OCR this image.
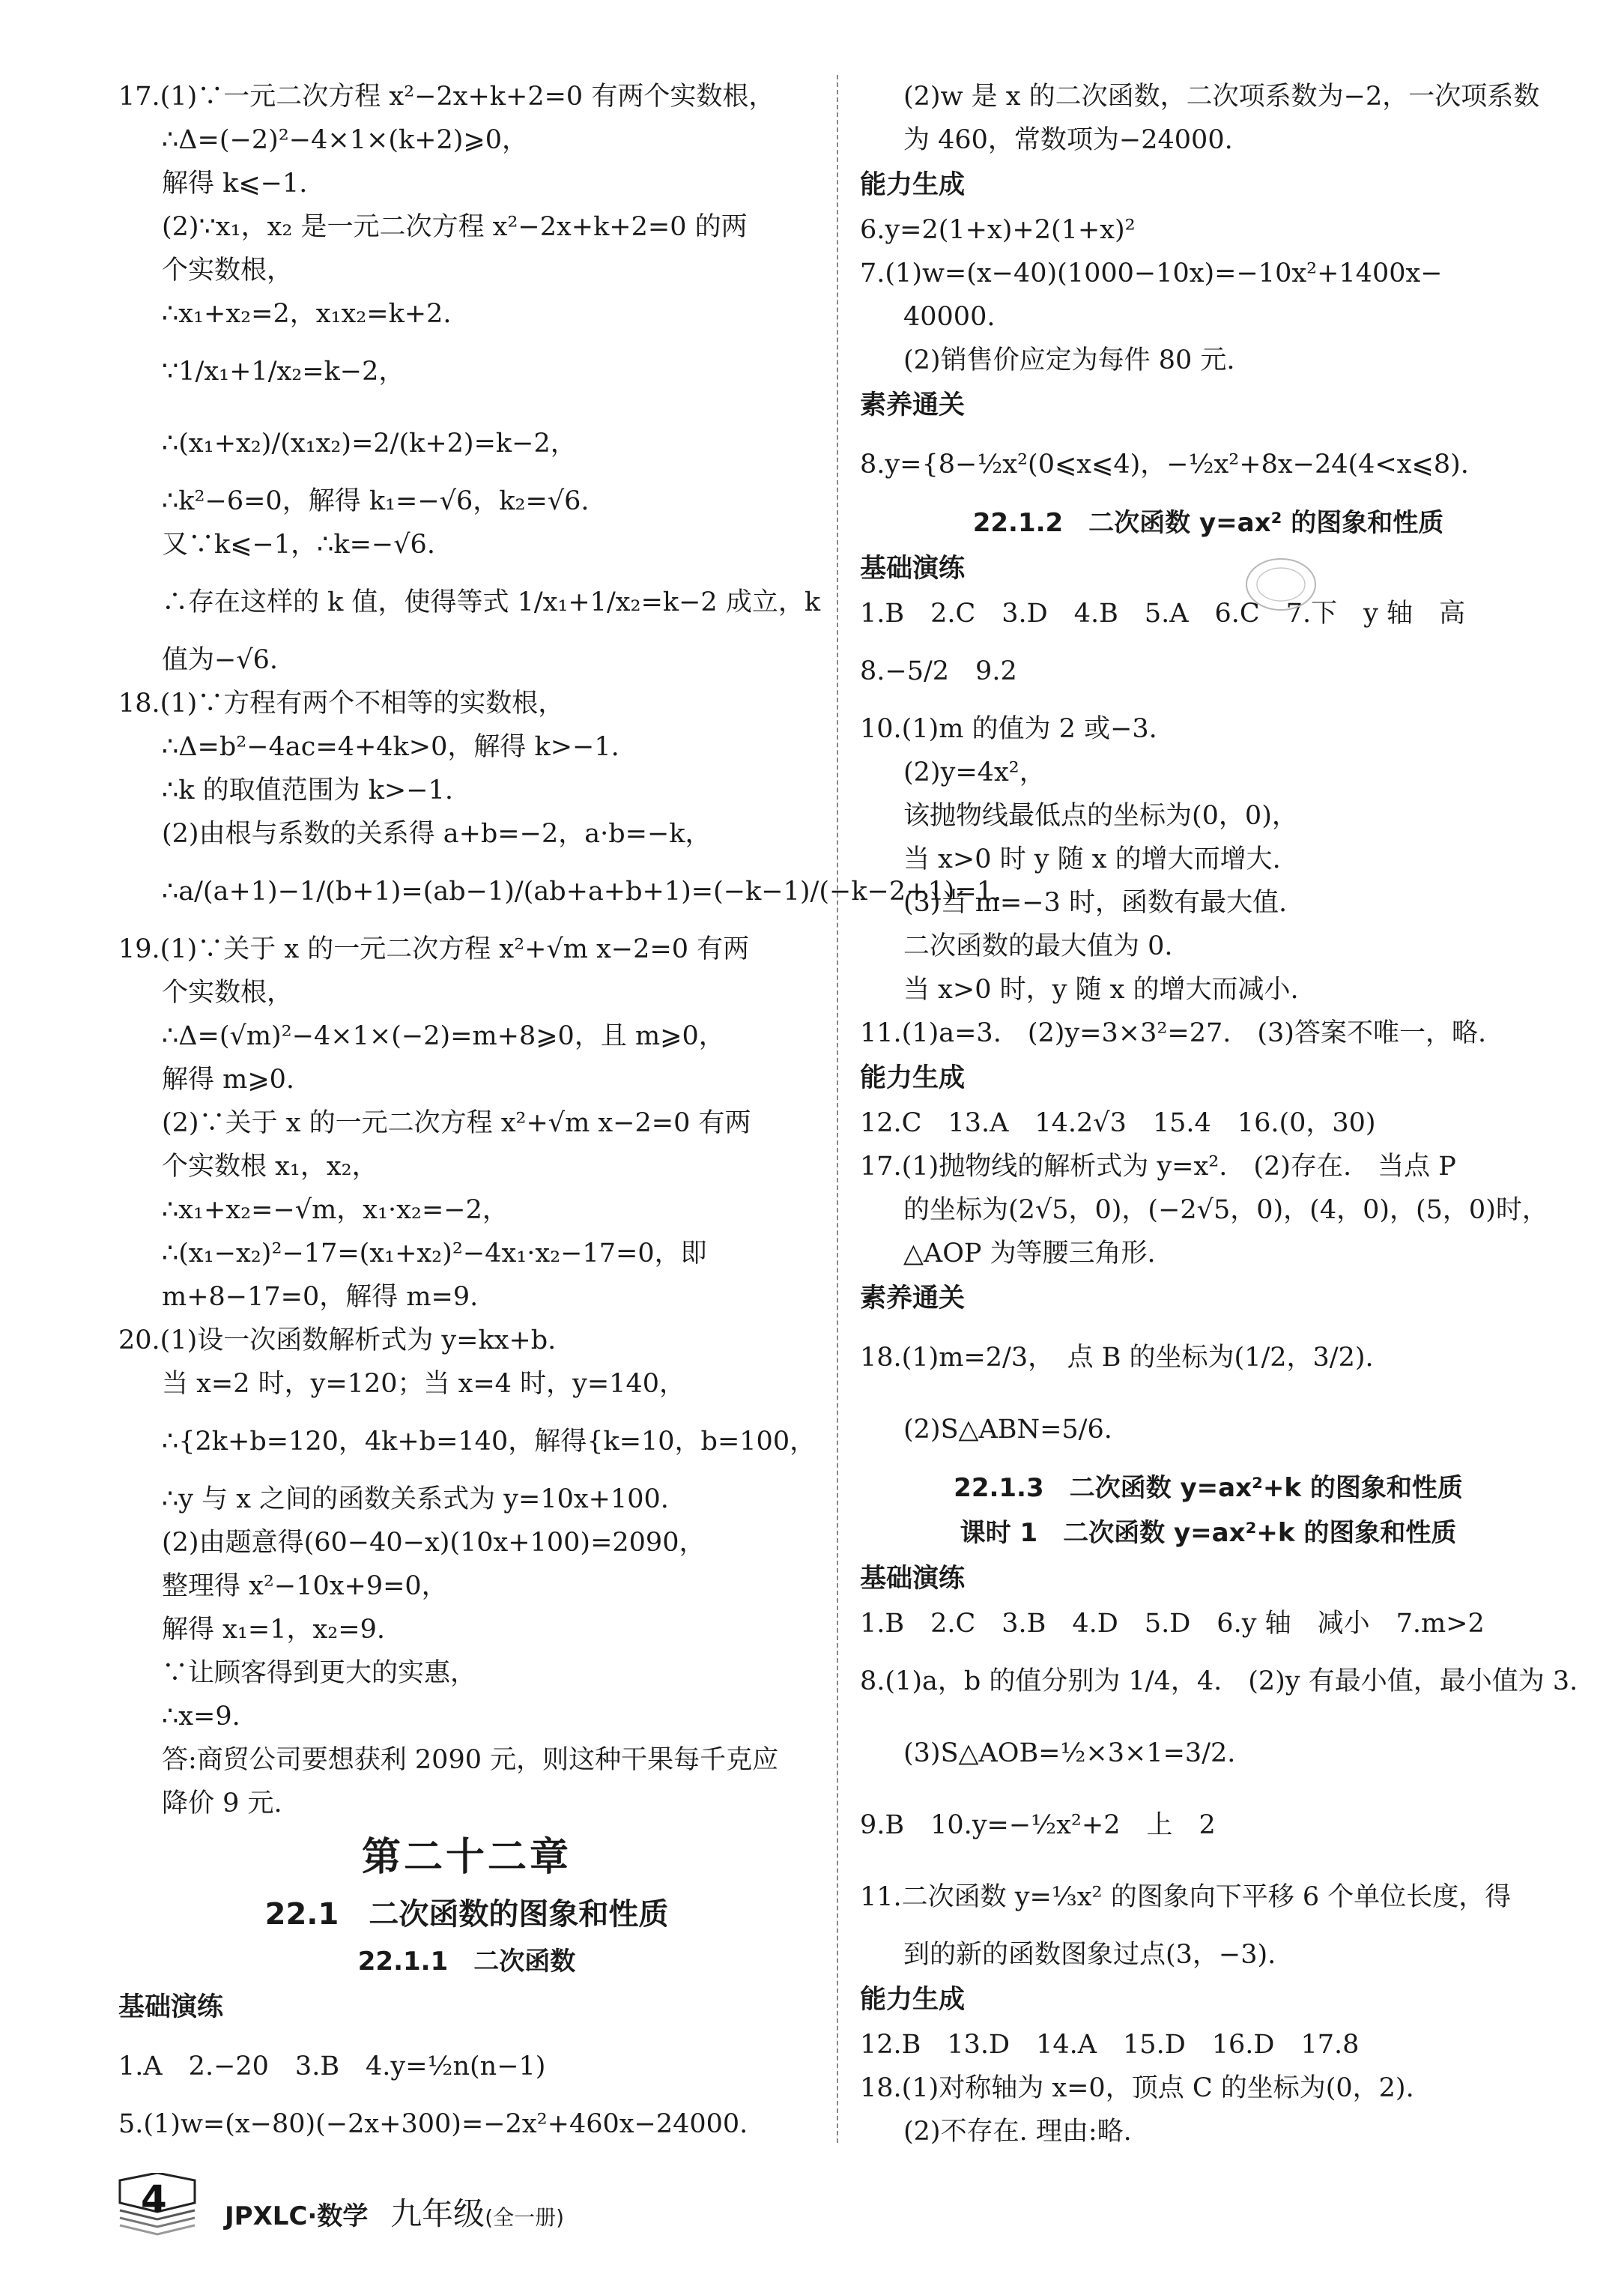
17.(1)∵一元二次方程 x²−2x+k+2=0 有两个实数根，
∴Δ=(−2)²−4×1×(k+2)⩾0，
解得 k⩽−1.
(2)∵x₁，x₂ 是一元二次方程 x²−2x+k+2=0 的两
个实数根，
∴x₁+x₂=2，x₁x₂=k+2.
∵1/x₁+1/x₂=k−2，
∴(x₁+x₂)/(x₁x₂)=2/(k+2)=k−2，
∴k²−6=0，解得 k₁=−√6，k₂=√6.
又∵k⩽−1，∴k=−√6.
∴存在这样的 k 值，使得等式 1/x₁+1/x₂=k−2 成立，k
值为−√6.
18.(1)∵方程有两个不相等的实数根，
∴Δ=b²−4ac=4+4k>0，解得 k>−1.
∴k 的取值范围为 k>−1.
(2)由根与系数的关系得 a+b=−2，a·b=−k，
∴a/(a+1)−1/(b+1)=(ab−1)/(ab+a+b+1)=(−k−1)/(−k−2+1)=1.
19.(1)∵关于 x 的一元二次方程 x²+√m x−2=0 有两
个实数根，
∴Δ=(√m)²−4×1×(−2)=m+8⩾0，且 m⩾0，
解得 m⩾0.
(2)∵关于 x 的一元二次方程 x²+√m x−2=0 有两
个实数根 x₁，x₂，
∴x₁+x₂=−√m，x₁·x₂=−2，
∴(x₁−x₂)²−17=(x₁+x₂)²−4x₁·x₂−17=0，即
m+8−17=0，解得 m=9.
20.(1)设一次函数解析式为 y=kx+b.
当 x=2 时，y=120；当 x=4 时，y=140，
∴{2k+b=120，4k+b=140，解得{k=10，b=100，
∴y 与 x 之间的函数关系式为 y=10x+100.
(2)由题意得(60−40−x)(10x+100)=2090，
整理得 x²−10x+9=0，
解得 x₁=1，x₂=9.
∵让顾客得到更大的实惠，
∴x=9.
答:商贸公司要想获利 2090 元，则这种干果每千克应
降价 9 元.
第二十二章
22.1　二次函数的图象和性质
22.1.1　二次函数
基础演练
1.A　2.−20　3.B　4.y=½n(n−1)
5.(1)w=(x−80)(−2x+300)=−2x²+460x−24000.
(2)w 是 x 的二次函数，二次项系数为−2，一次项系数
为 460，常数项为−24000.
能力生成
6.y=2(1+x)+2(1+x)²
7.(1)w=(x−40)(1000−10x)=−10x²+1400x−
40000.
(2)销售价应定为每件 80 元.
素养通关
8.y={8−½x²(0⩽x⩽4)，−½x²+8x−24(4<x⩽8).
22.1.2　二次函数 y=ax² 的图象和性质
基础演练
1.B　2.C　3.D　4.B　5.A　6.C　7.下　y 轴　高
8.−5/2　9.2
10.(1)m 的值为 2 或−3.
(2)y=4x²，
该抛物线最低点的坐标为(0，0)，
当 x>0 时 y 随 x 的增大而增大.
(3)当 m=−3 时，函数有最大值.
二次函数的最大值为 0.
当 x>0 时，y 随 x 的增大而减小.
11.(1)a=3.　(2)y=3×3²=27.　(3)答案不唯一，略.
能力生成
12.C　13.A　14.2√3　15.4　16.(0，30)
17.(1)抛物线的解析式为 y=x².　(2)存在.　当点 P
的坐标为(2√5，0)，(−2√5，0)，(4，0)，(5，0)时，
△AOP 为等腰三角形.
素养通关
18.(1)m=2/3，　点 B 的坐标为(1/2，3/2).
(2)S△ABN=5/6.
22.1.3　二次函数 y=ax²+k 的图象和性质
课时 1　二次函数 y=ax²+k 的图象和性质
基础演练
1.B　2.C　3.B　4.D　5.D　6.y 轴　减小　7.m>2
8.(1)a，b 的值分别为 1/4，4.　(2)y 有最小值，最小值为 3.
(3)S△AOB=½×3×1=3/2.
9.B　10.y=−½x²+2　上　2
11.二次函数 y=⅓x² 的图象向下平移 6 个单位长度，得
到的新的函数图象过点(3，−3).
能力生成
12.B　13.D　14.A　15.D　16.D　17.8
18.(1)对称轴为 x=0，顶点 C 的坐标为(0，2).
(2)不存在. 理由:略.
4 JPXLC·数学 九年级(全一册)
